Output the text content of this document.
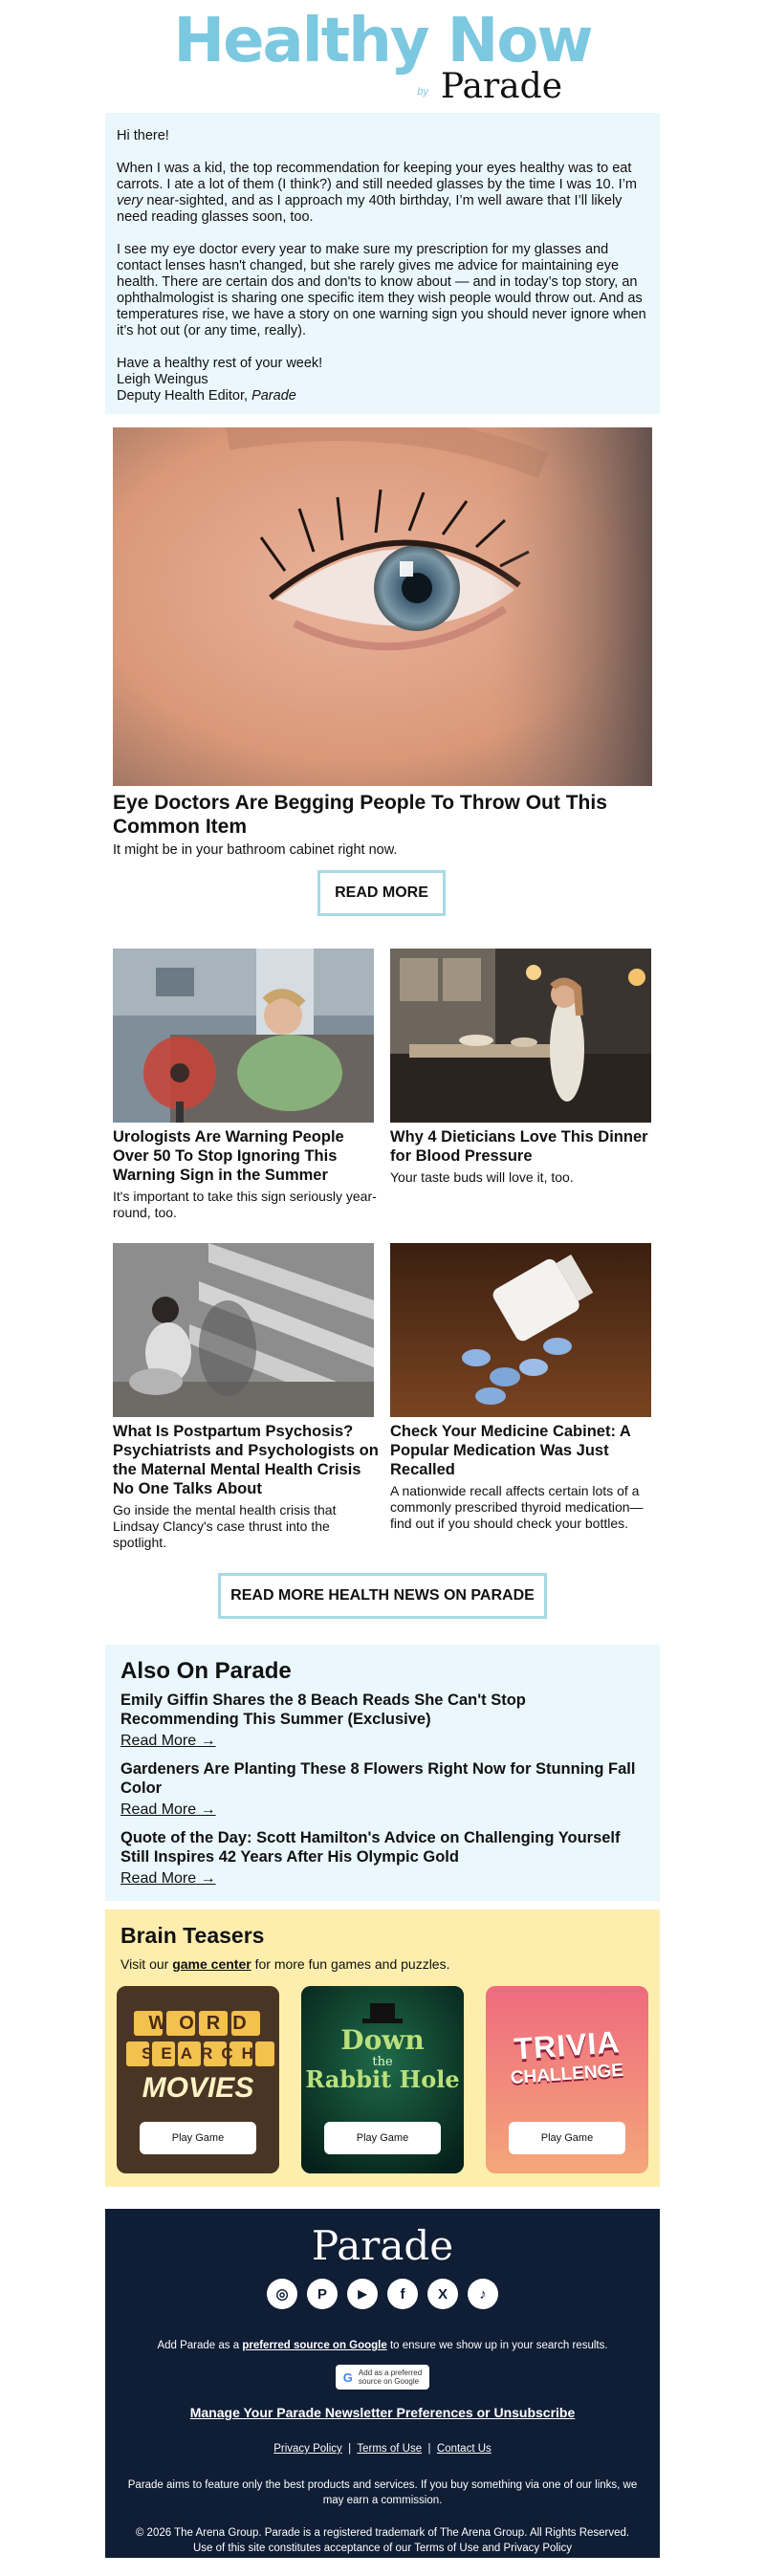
Healthy Now
by Parade

Hi there!

When I was a kid, the top recommendation for keeping your eyes healthy was to eat carrots. I ate a lot of them (I think?) and still needed glasses by the time I was 10. I’m very near-sighted, and as I approach my 40th birthday, I’m well aware that I’ll likely need reading glasses soon, too.

I see my eye doctor every year to make sure my prescription for my glasses and contact lenses hasn't changed, but she rarely gives me advice for maintaining eye health. There are certain dos and don'ts to know about — and in today’s top story, an ophthalmologist is sharing one specific item they wish people would throw out. And as temperatures rise, we have a story on one warning sign you should never ignore when it’s hot out (or any time, really).

Have a healthy rest of your week!
Leigh Weingus
Deputy Health Editor, Parade

Eye Doctors Are Begging People To Throw Out This Common Item
It might be in your bathroom cabinet right now.
READ MORE
Urologists Are Warning People Over 50 To Stop Ignoring This Warning Sign in the Summer
It's important to take this sign seriously year-round, too.
Why 4 Dieticians Love This Dinner for Blood Pressure
Your taste buds will love it, too.
What Is Postpartum Psychosis? Psychiatrists and Psychologists on the Maternal Mental Health Crisis No One Talks About
Go inside the mental health crisis that Lindsay Clancy's case thrust into the spotlight.
Check Your Medicine Cabinet: A Popular Medication Was Just Recalled
A nationwide recall affects certain lots of a commonly prescribed thyroid medication—find out if you should check your bottles.
READ MORE HEALTH NEWS ON PARADE
Also On Parade
Emily Giffin Shares the 8 Beach Reads She Can't Stop Recommending This Summer (Exclusive)
Read More →
Gardeners Are Planting These 8 Flowers Right Now for Stunning Fall Color
Read More →
Quote of the Day: Scott Hamilton's Advice on Challenging Yourself Still Inspires 42 Years After His Olympic Gold
Read More →
Brain Teasers
Visit our game center for more fun games and puzzles.
WORD
SEARCH
MOVIES
Play Game
Down
the
Rabbit Hole
Play Game
TRIVIA
CHALLENGE
Play Game
Parade
◎	P	▶	f	X	♪
Add Parade as a preferred source on Google to ensure we show up in your search results.
G Add as a preferred
source on Google
Manage Your Parade Newsletter Preferences or Unsubscribe
Privacy Policy | Terms of Use | Contact Us
Parade aims to feature only the best products and services. If you buy something via one of our links, we may earn a commission.
© 2026 The Arena Group. Parade is a registered trademark of The Arena Group. All Rights Reserved. Use of this site constitutes acceptance of our Terms of Use and Privacy Policy
